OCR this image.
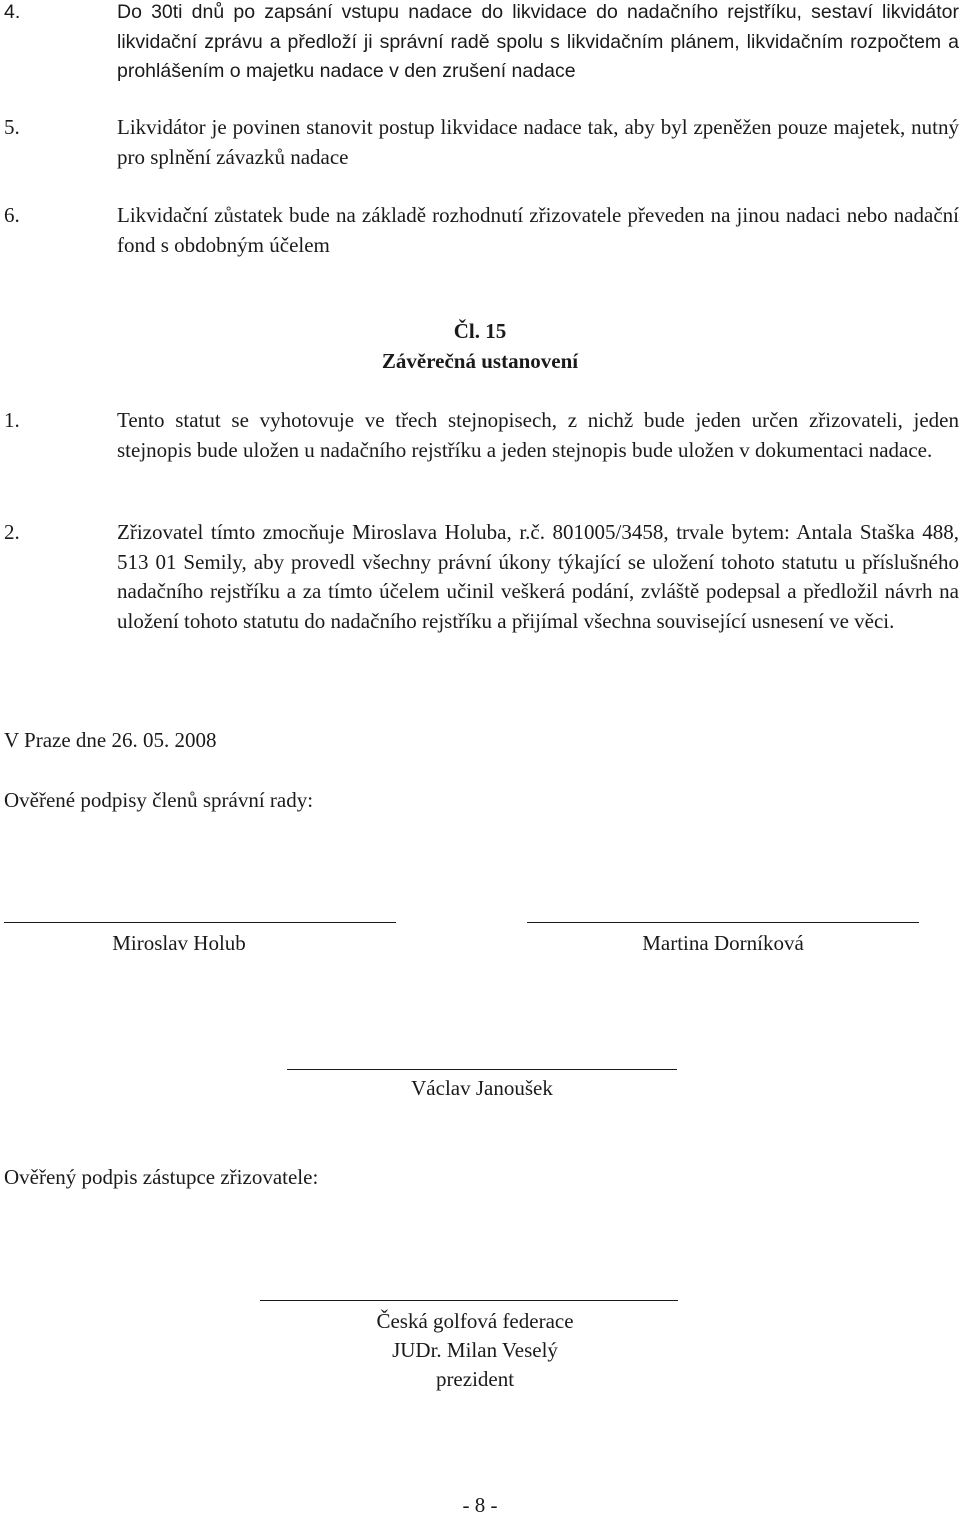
4.	Do 30ti dnů po zapsání vstupu nadace do likvidace do nadačního rejstříku, sestaví likvidátor likvidační zprávu a předloží ji správní radě spolu s likvidačním plánem, likvidačním rozpočtem a prohlášením o majetku nadace v den zrušení nadace
5.	Likvidátor je povinen stanovit postup likvidace nadace tak, aby byl zpeněžen pouze majetek, nutný pro splnění závazků nadace
6.	Likvidační zůstatek bude na základě rozhodnutí zřizovatele převeden na jinou nadaci nebo nadační fond s obdobným účelem
Čl. 15
Závěrečná ustanovení
1.	Tento statut se vyhotovuje ve třech stejnopisech, z nichž bude jeden určen zřizovateli, jeden stejnopis bude uložen u nadačního rejstříku a jeden stejnopis bude uložen v dokumentaci nadace.
2.	Zřizovatel tímto zmocňuje Miroslava Holuba, r.č. 801005/3458, trvale bytem: Antala Staška 488, 513 01 Semily, aby provedl všechny právní úkony týkající se uložení tohoto statutu u příslušného nadačního rejstříku a za tímto účelem učinil veškerá podání, zvláště podepsal a předložil návrh na uložení tohoto statutu do nadačního rejstříku a přijímal všechna související usnesení ve věci.
V Praze dne 26. 05. 2008
Ověřené podpisy členů správní rady:
Miroslav Holub	Martina Dorníková
Václav Janoušek
Ověřený podpis zástupce zřizovatele:
Česká golfová federace
JUDr. Milan Veselý
prezident
- 8 -
